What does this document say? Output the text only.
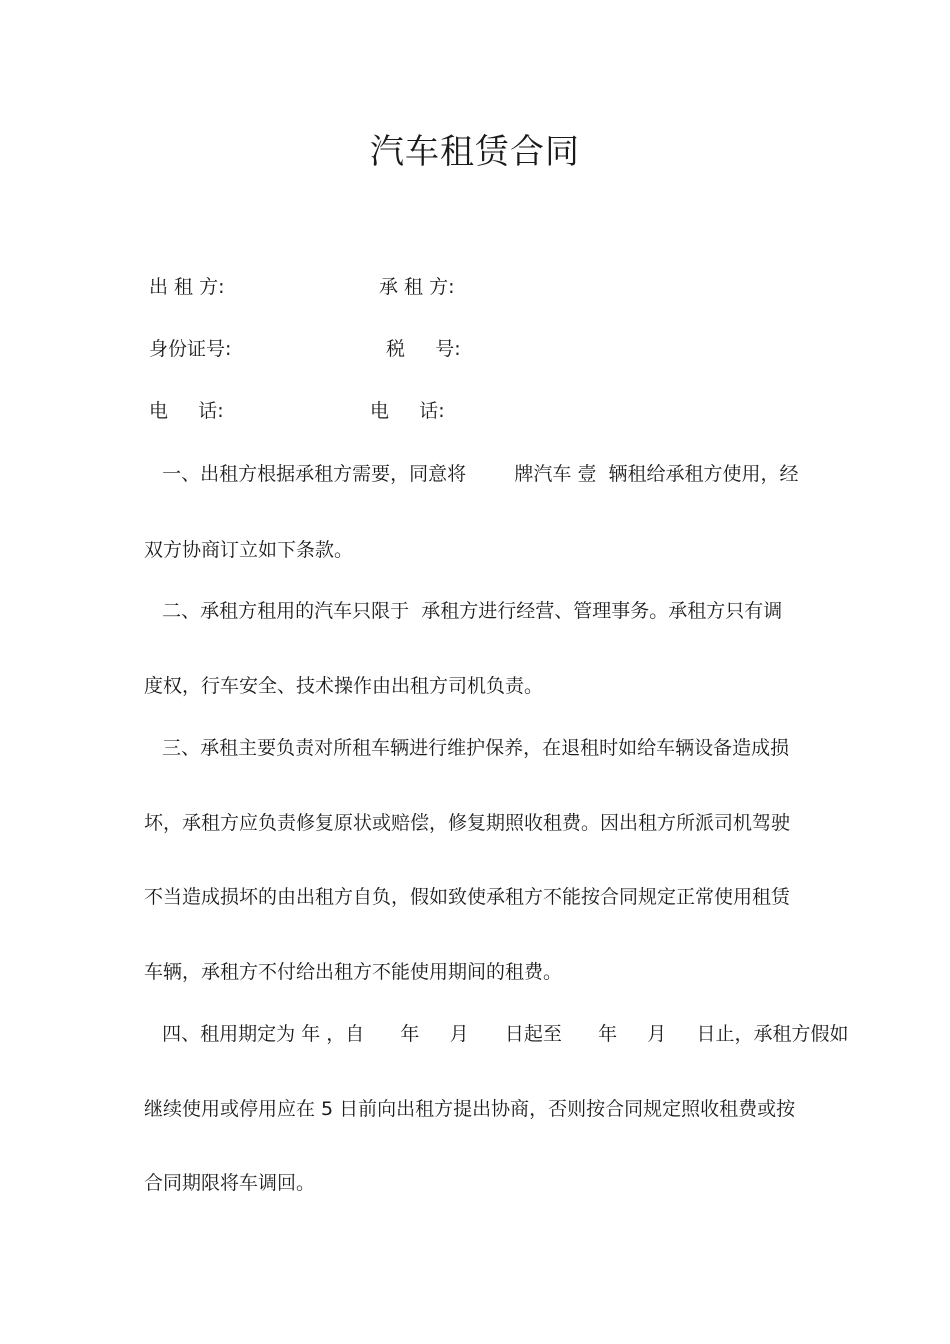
汽车租赁合同
出 租 方:	承 租 方:
身份证号:	税     号:
电     话:	电     话:
一、出租方根据承租方需要，同意将        牌汽车 壹  辆租给承租方使用，经
双方协商订立如下条款。
二、承租方租用的汽车只限于  承租方进行经营、管理事务。承租方只有调
度权，行车安全、技术操作由出租方司机负责。
三、承租主要负责对所租车辆进行维护保养，在退租时如给车辆设备造成损
坏，承租方应负责修复原状或赔偿，修复期照收租费。因出租方所派司机驾驶
不当造成损坏的由出租方自负，假如致使承租方不能按合同规定正常使用租赁
车辆，承租方不付给出租方不能使用期间的租费。
四、租用期定为 年 ，自      年     月      日起至      年     月     日止，承租方假如
继续使用或停用应在 5 日前向出租方提出协商，否则按合同规定照收租费或按
合同期限将车调回。
